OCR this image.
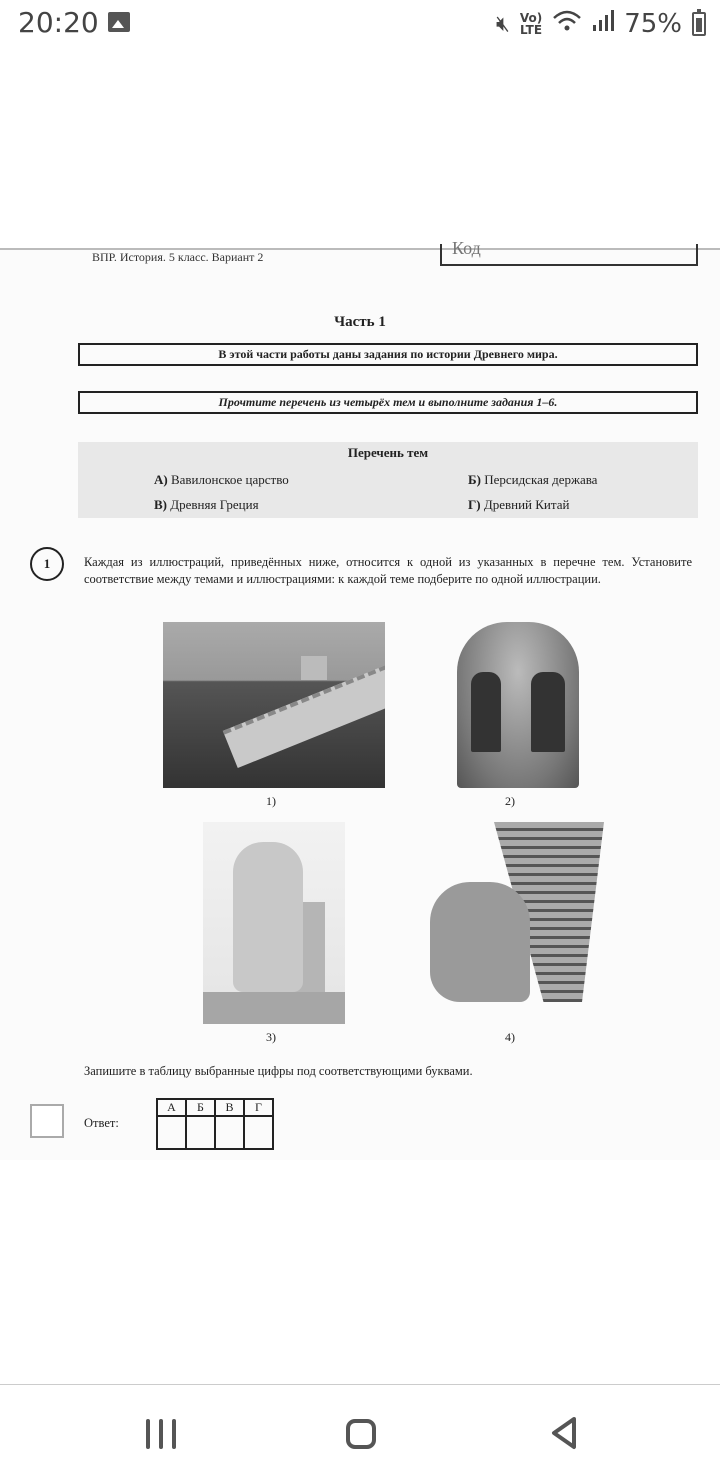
20:20	🔇︎ Vo)
LTE	75%
ВПР. История. 5 класс. Вариант 2	Код
Часть 1
В этой части работы даны задания по истории Древнего мира.
Прочтите перечень из четырёх тем и выполните задания 1–6.
Перечень тем
А) Вавилонское царство	Б) Персидская держава
В) Древняя Греция	Г) Древний Китай
1	Каждая из иллюстраций, приведённых ниже, относится к одной из указанных в перечне тем. Установите соответствие между темами и иллюстрациями: к каждой теме подберите по одной иллюстрации.
1)	2)
3)	4)
Запишите в таблицу выбранные цифры под соответствующими буквами.
Ответ:
А	Б	В	Г
